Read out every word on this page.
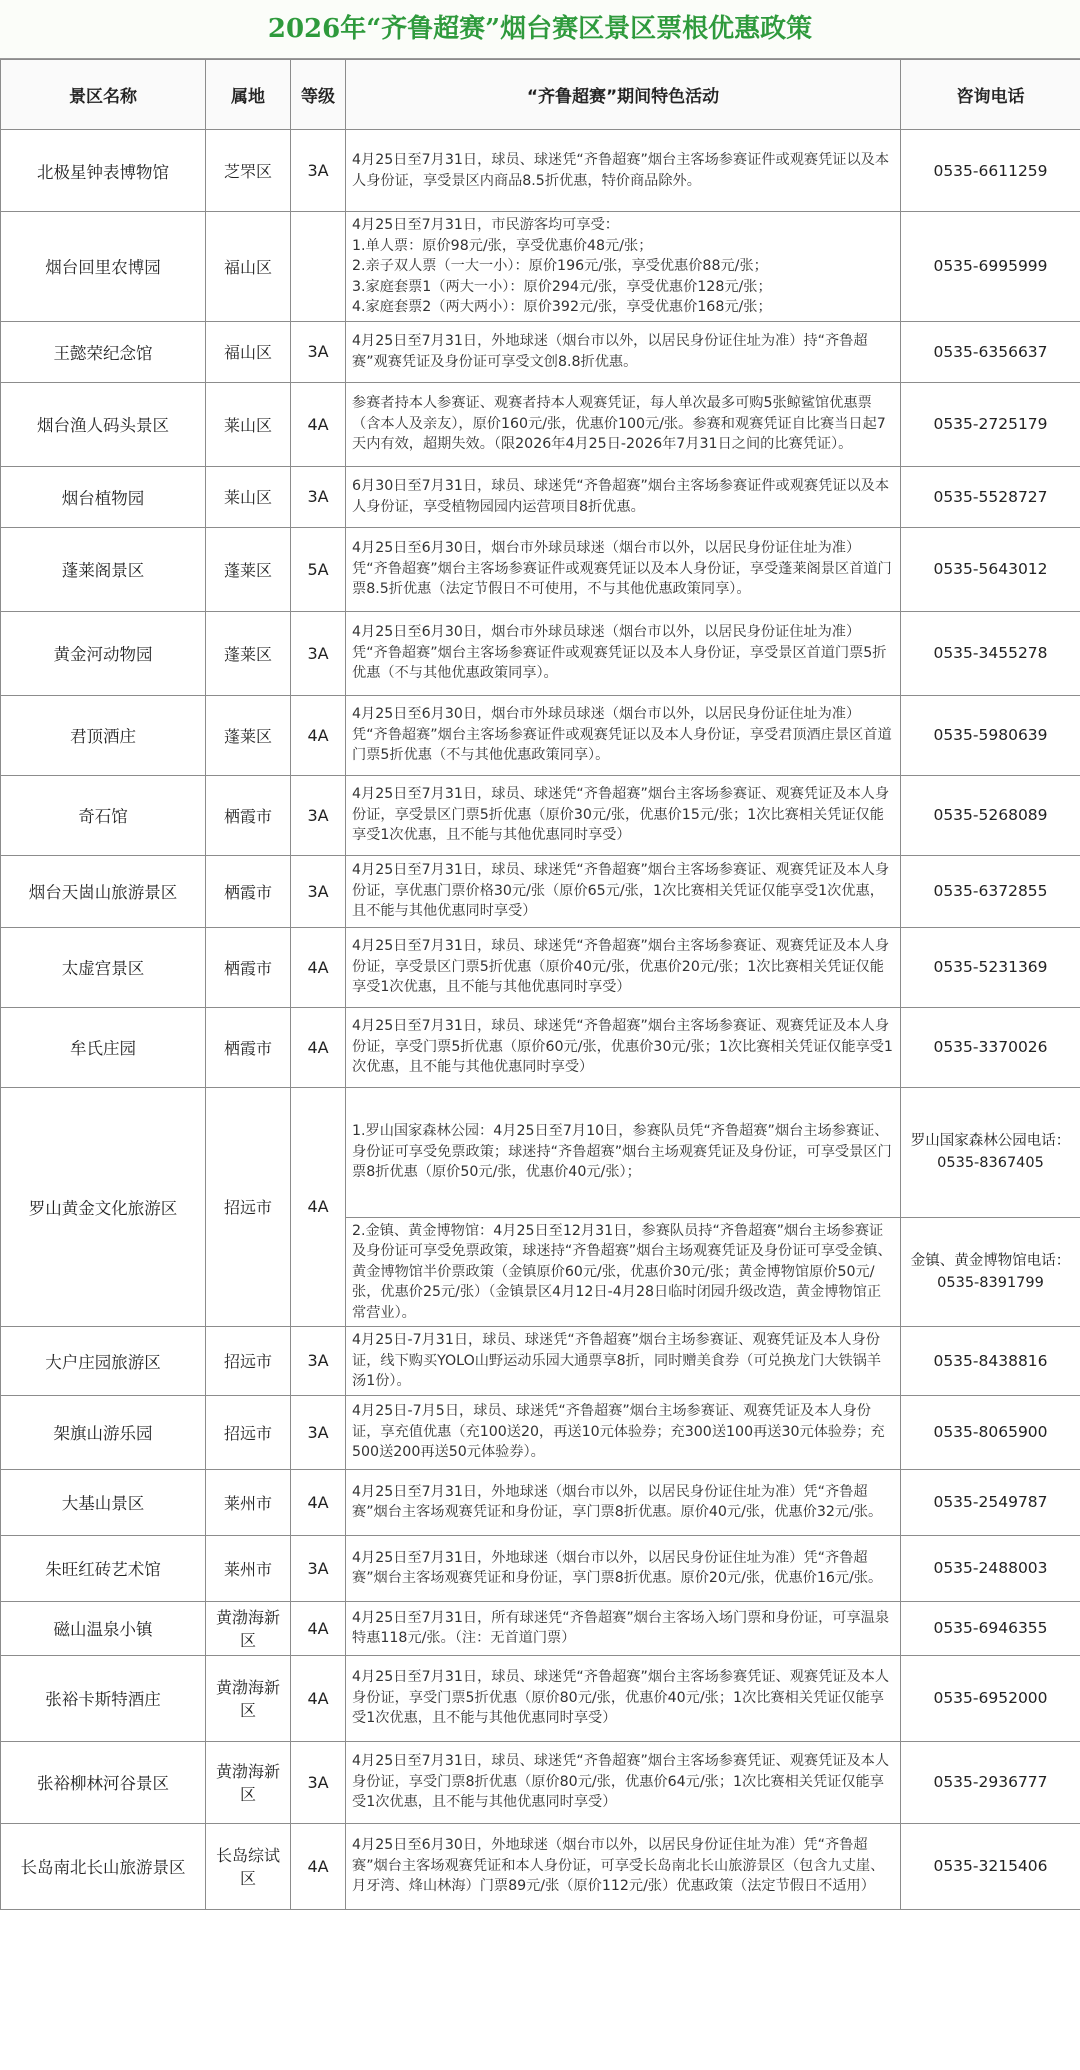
2026年“齐鲁超赛”烟台赛区景区票根优惠政策
景区名称	属地	等级	“齐鲁超赛”期间特色活动	咨询电话
北极星钟表博物馆	芝罘区	3A	4月25日至7月31日，球员、球迷凭“齐鲁超赛”烟台主客场参赛证件或观赛凭证以及本人身份证，享受景区内商品8.5折优惠，特价商品除外。	0535-6611259
烟台回里农博园	福山区		4月25日至7月31日，市民游客均可享受：
1.单人票：原价98元/张，享受优惠价48元/张；
2.亲子双人票（一大一小）：原价196元/张，享受优惠价88元/张；
3.家庭套票1（两大一小）：原价294元/张，享受优惠价128元/张；
4.家庭套票2（两大两小）：原价392元/张，享受优惠价168元/张；	0535-6995999
王懿荣纪念馆	福山区	3A	4月25日至7月31日，外地球迷（烟台市以外，以居民身份证住址为准）持“齐鲁超赛”观赛凭证及身份证可享受文创8.8折优惠。	0535-6356637
烟台渔人码头景区	莱山区	4A	参赛者持本人参赛证、观赛者持本人观赛凭证，每人单次最多可购5张鲸鲨馆优惠票（含本人及亲友），原价160元/张，优惠价100元/张。参赛和观赛凭证自比赛当日起7天内有效，超期失效。（限2026年4月25日-2026年7月31日之间的比赛凭证）。	0535-2725179
烟台植物园	莱山区	3A	6月30日至7月31日，球员、球迷凭“齐鲁超赛”烟台主客场参赛证件或观赛凭证以及本人身份证，享受植物园园内运营项目8折优惠。	0535-5528727
蓬莱阁景区	蓬莱区	5A	4月25日至6月30日，烟台市外球员球迷（烟台市以外，以居民身份证住址为准）凭“齐鲁超赛”烟台主客场参赛证件或观赛凭证以及本人身份证，享受蓬莱阁景区首道门票8.5折优惠（法定节假日不可使用，不与其他优惠政策同享）。	0535-5643012
黄金河动物园	蓬莱区	3A	4月25日至6月30日，烟台市外球员球迷（烟台市以外，以居民身份证住址为准）凭“齐鲁超赛”烟台主客场参赛证件或观赛凭证以及本人身份证，享受景区首道门票5折优惠（不与其他优惠政策同享）。	0535-3455278
君顶酒庄	蓬莱区	4A	4月25日至6月30日，烟台市外球员球迷（烟台市以外，以居民身份证住址为准）凭“齐鲁超赛”烟台主客场参赛证件或观赛凭证以及本人身份证，享受君顶酒庄景区首道门票5折优惠（不与其他优惠政策同享）。	0535-5980639
奇石馆	栖霞市	3A	4月25日至7月31日，球员、球迷凭“齐鲁超赛”烟台主客场参赛证、观赛凭证及本人身份证，享受景区门票5折优惠（原价30元/张，优惠价15元/张；1次比赛相关凭证仅能享受1次优惠，且不能与其他优惠同时享受）	0535-5268089
烟台天崮山旅游景区	栖霞市	3A	4月25日至7月31日，球员、球迷凭“齐鲁超赛”烟台主客场参赛证、观赛凭证及本人身份证，享优惠门票价格30元/张（原价65元/张，1次比赛相关凭证仅能享受1次优惠，且不能与其他优惠同时享受）	0535-6372855
太虚宫景区	栖霞市	4A	4月25日至7月31日，球员、球迷凭“齐鲁超赛”烟台主客场参赛证、观赛凭证及本人身份证，享受景区门票5折优惠（原价40元/张，优惠价20元/张；1次比赛相关凭证仅能享受1次优惠，且不能与其他优惠同时享受）	0535-5231369
牟氏庄园	栖霞市	4A	4月25日至7月31日，球员、球迷凭“齐鲁超赛”烟台主客场参赛证、观赛凭证及本人身份证，享受门票5折优惠（原价60元/张，优惠价30元/张；1次比赛相关凭证仅能享受1次优惠，且不能与其他优惠同时享受）	0535-3370026
罗山黄金文化旅游区	招远市	4A	1.罗山国家森林公园：4月25日至7月10日，参赛队员凭“齐鲁超赛”烟台主场参赛证、身份证可享受免票政策；球迷持“齐鲁超赛”烟台主场观赛凭证及身份证，可享受景区门票8折优惠（原价50元/张，优惠价40元/张）；	罗山国家森林公园电话：0535-8367405
			2.金镇、黄金博物馆：4月25日至12月31日，参赛队员持“齐鲁超赛”烟台主场参赛证及身份证可享受免票政策，球迷持“齐鲁超赛”烟台主场观赛凭证及身份证可享受金镇、黄金博物馆半价票政策（金镇原价60元/张，优惠价30元/张；黄金博物馆原价50元/张，优惠价25元/张）（金镇景区4月12日-4月28日临时闭园升级改造，黄金博物馆正常营业）。	金镇、黄金博物馆电话：0535-8391799
大户庄园旅游区	招远市	3A	4月25日-7月31日，球员、球迷凭“齐鲁超赛”烟台主场参赛证、观赛凭证及本人身份证，线下购买YOLO山野运动乐园大通票享8折，同时赠美食券（可兑换龙门大铁锅羊汤1份）。	0535-8438816
架旗山游乐园	招远市	3A	4月25日-7月5日，球员、球迷凭“齐鲁超赛”烟台主场参赛证、观赛凭证及本人身份证，享充值优惠（充100送20，再送10元体验券；充300送100再送30元体验券；充500送200再送50元体验券）。	0535-8065900
大基山景区	莱州市	4A	4月25日至7月31日，外地球迷（烟台市以外，以居民身份证住址为准）凭“齐鲁超赛”烟台主客场观赛凭证和身份证，享门票8折优惠。原价40元/张，优惠价32元/张。	0535-2549787
朱旺红砖艺术馆	莱州市	3A	4月25日至7月31日，外地球迷（烟台市以外，以居民身份证住址为准）凭“齐鲁超赛”烟台主客场观赛凭证和身份证，享门票8折优惠。原价20元/张，优惠价16元/张。	0535-2488003
磁山温泉小镇	黄渤海新区	4A	4月25日至7月31日，所有球迷凭“齐鲁超赛”烟台主客场入场门票和身份证，可享温泉特惠118元/张。（注：无首道门票）	0535-6946355
张裕卡斯特酒庄	黄渤海新区	4A	4月25日至7月31日，球员、球迷凭“齐鲁超赛”烟台主客场参赛凭证、观赛凭证及本人身份证，享受门票5折优惠（原价80元/张，优惠价40元/张；1次比赛相关凭证仅能享受1次优惠，且不能与其他优惠同时享受）	0535-6952000
张裕柳林河谷景区	黄渤海新区	3A	4月25日至7月31日，球员、球迷凭“齐鲁超赛”烟台主客场参赛凭证、观赛凭证及本人身份证，享受门票8折优惠（原价80元/张，优惠价64元/张；1次比赛相关凭证仅能享受1次优惠，且不能与其他优惠同时享受）	0535-2936777
长岛南北长山旅游景区	长岛综试区	4A	4月25日至6月30日，外地球迷（烟台市以外，以居民身份证住址为准）凭“齐鲁超赛”烟台主客场观赛凭证和本人身份证，可享受长岛南北长山旅游景区（包含九丈崖、月牙湾、烽山林海）门票89元/张（原价112元/张）优惠政策（法定节假日不适用）	0535-3215406
